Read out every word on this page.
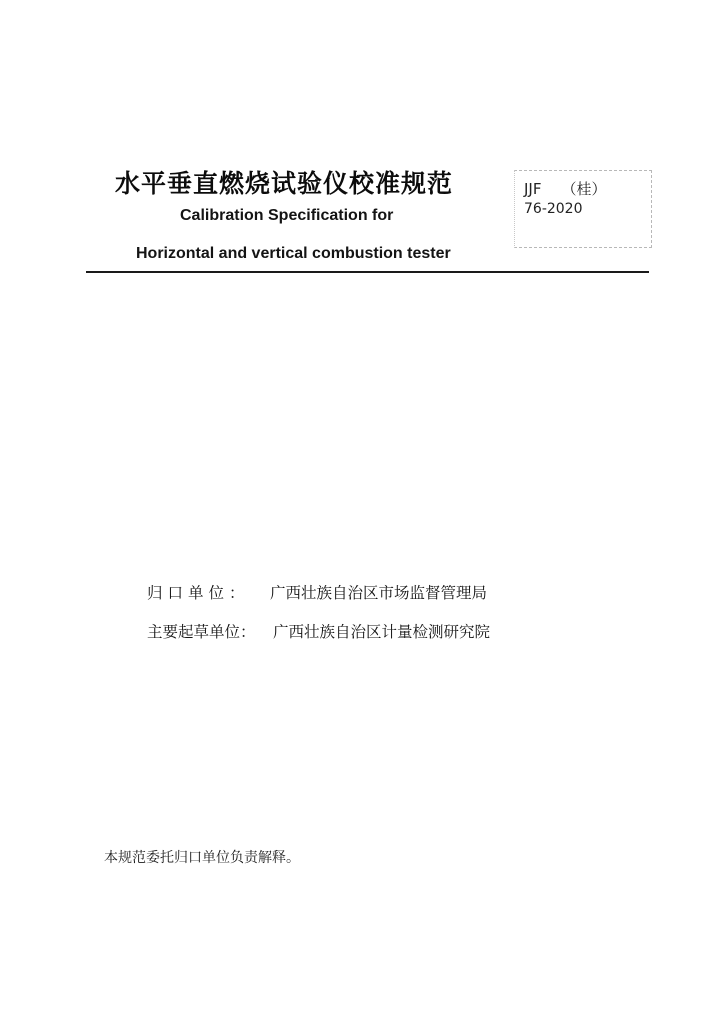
水平垂直燃烧试验仪校准规范
Calibration Specification for
Horizontal and vertical combustion tester
JJF （桂）
76-2020
归口单位： 广西壮族自治区市场监督管理局
主要起草单位： 广西壮族自治区计量检测研究院
本规范委托归口单位负责解释。
